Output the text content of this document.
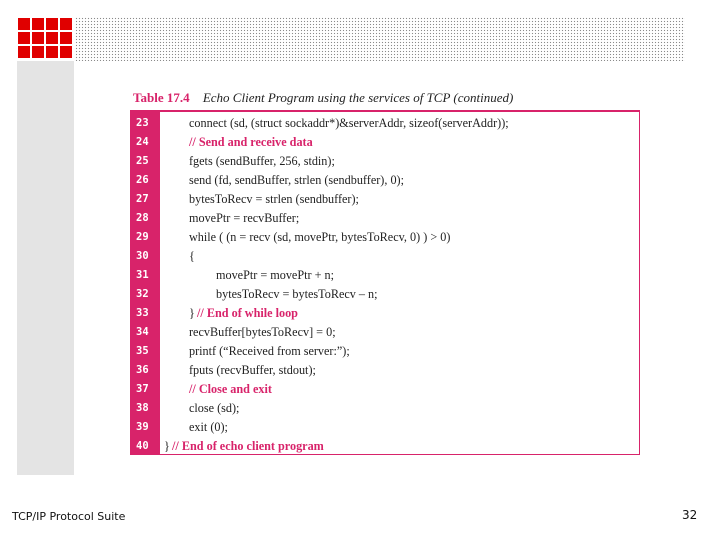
Table 17.4 Echo Client Program using the services of TCP (continued)
23	connect (sd, (struct sockaddr*)&serverAddr, sizeof(serverAddr));
24	// Send and receive data
25	fgets (sendBuffer, 256, stdin);
26	send (fd, sendBuffer, strlen (sendbuffer), 0);
27	bytesToRecv = strlen (sendbuffer);
28	movePtr = recvBuffer;
29	while ( (n = recv (sd, movePtr, bytesToRecv, 0) ) > 0)
30	{
31	movePtr = movePtr + n;
32	bytesToRecv = bytesToRecv – n;
33	} // End of while loop
34	recvBuffer[bytesToRecv] = 0;
35	printf (“Received from server:”);
36	fputs (recvBuffer, stdout);
37	// Close and exit
38	close (sd);
39	exit (0);
40	} // End of echo client program
TCP/IP Protocol Suite	32
